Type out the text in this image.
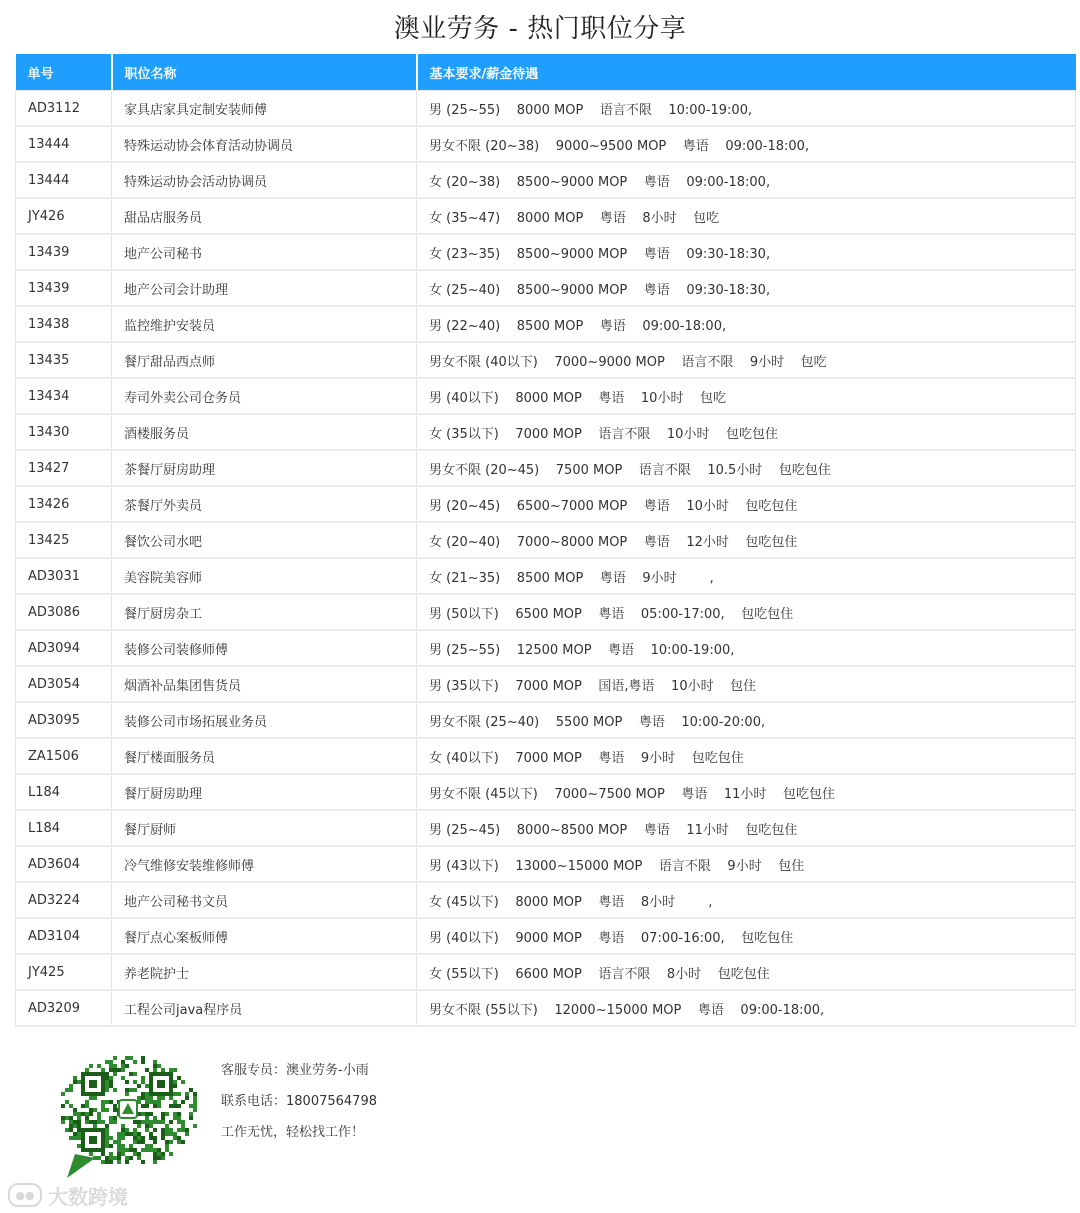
澳业劳务 - 热门职位分享
单号	职位名称	基本要求/薪金待遇
AD3112	家具店家具定制安装师傅	男 (25~55)    8000 MOP    语言不限    10:00-19:00,
13444	特殊运动协会体育活动协调员	男女不限 (20~38)    9000~9500 MOP    粤语    09:00-18:00,
13444	特殊运动协会活动协调员	女 (20~38)    8500~9000 MOP    粤语    09:00-18:00,
JY426	甜品店服务员	女 (35~47)    8000 MOP    粤语    8小时    包吃
13439	地产公司秘书	女 (23~35)    8500~9000 MOP    粤语    09:30-18:30,
13439	地产公司会计助理	女 (25~40)    8500~9000 MOP    粤语    09:30-18:30,
13438	监控维护安装员	男 (22~40)    8500 MOP    粤语    09:00-18:00,
13435	餐厅甜品西点师	男女不限 (40以下)    7000~9000 MOP    语言不限    9小时    包吃
13434	寿司外卖公司仓务员	男 (40以下)    8000 MOP    粤语    10小时    包吃
13430	酒楼服务员	女 (35以下)    7000 MOP    语言不限    10小时    包吃包住
13427	茶餐厅厨房助理	男女不限 (20~45)    7500 MOP    语言不限    10.5小时    包吃包住
13426	茶餐厅外卖员	男 (20~45)    6500~7000 MOP    粤语    10小时    包吃包住
13425	餐饮公司水吧	女 (20~40)    7000~8000 MOP    粤语    12小时    包吃包住
AD3031	美容院美容师	女 (21~35)    8500 MOP    粤语    9小时        ,
AD3086	餐厅厨房杂工	男 (50以下)    6500 MOP    粤语    05:00-17:00,    包吃包住
AD3094	装修公司装修师傅	男 (25~55)    12500 MOP    粤语    10:00-19:00,
AD3054	烟酒补品集团售货员	男 (35以下)    7000 MOP    国语,粤语    10小时    包住
AD3095	装修公司市场拓展业务员	男女不限 (25~40)    5500 MOP    粤语    10:00-20:00,
ZA1506	餐厅楼面服务员	女 (40以下)    7000 MOP    粤语    9小时    包吃包住
L184	餐厅厨房助理	男女不限 (45以下)    7000~7500 MOP    粤语    11小时    包吃包住
L184	餐厅厨师	男 (25~45)    8000~8500 MOP    粤语    11小时    包吃包住
AD3604	冷气维修安装维修师傅	男 (43以下)    13000~15000 MOP    语言不限    9小时    包住
AD3224	地产公司秘书文员	女 (45以下)    8000 MOP    粤语    8小时        ,
AD3104	餐厅点心案板师傅	男 (40以下)    9000 MOP    粤语    07:00-16:00,    包吃包住
JY425	养老院护士	女 (55以下)    6600 MOP    语言不限    8小时    包吃包住
AD3209	工程公司java程序员	男女不限 (55以下)    12000~15000 MOP    粤语    09:00-18:00,
客服专员：澳业劳务-小雨
联系电话：18007564798
工作无忧，轻松找工作！
●● 大数跨境
